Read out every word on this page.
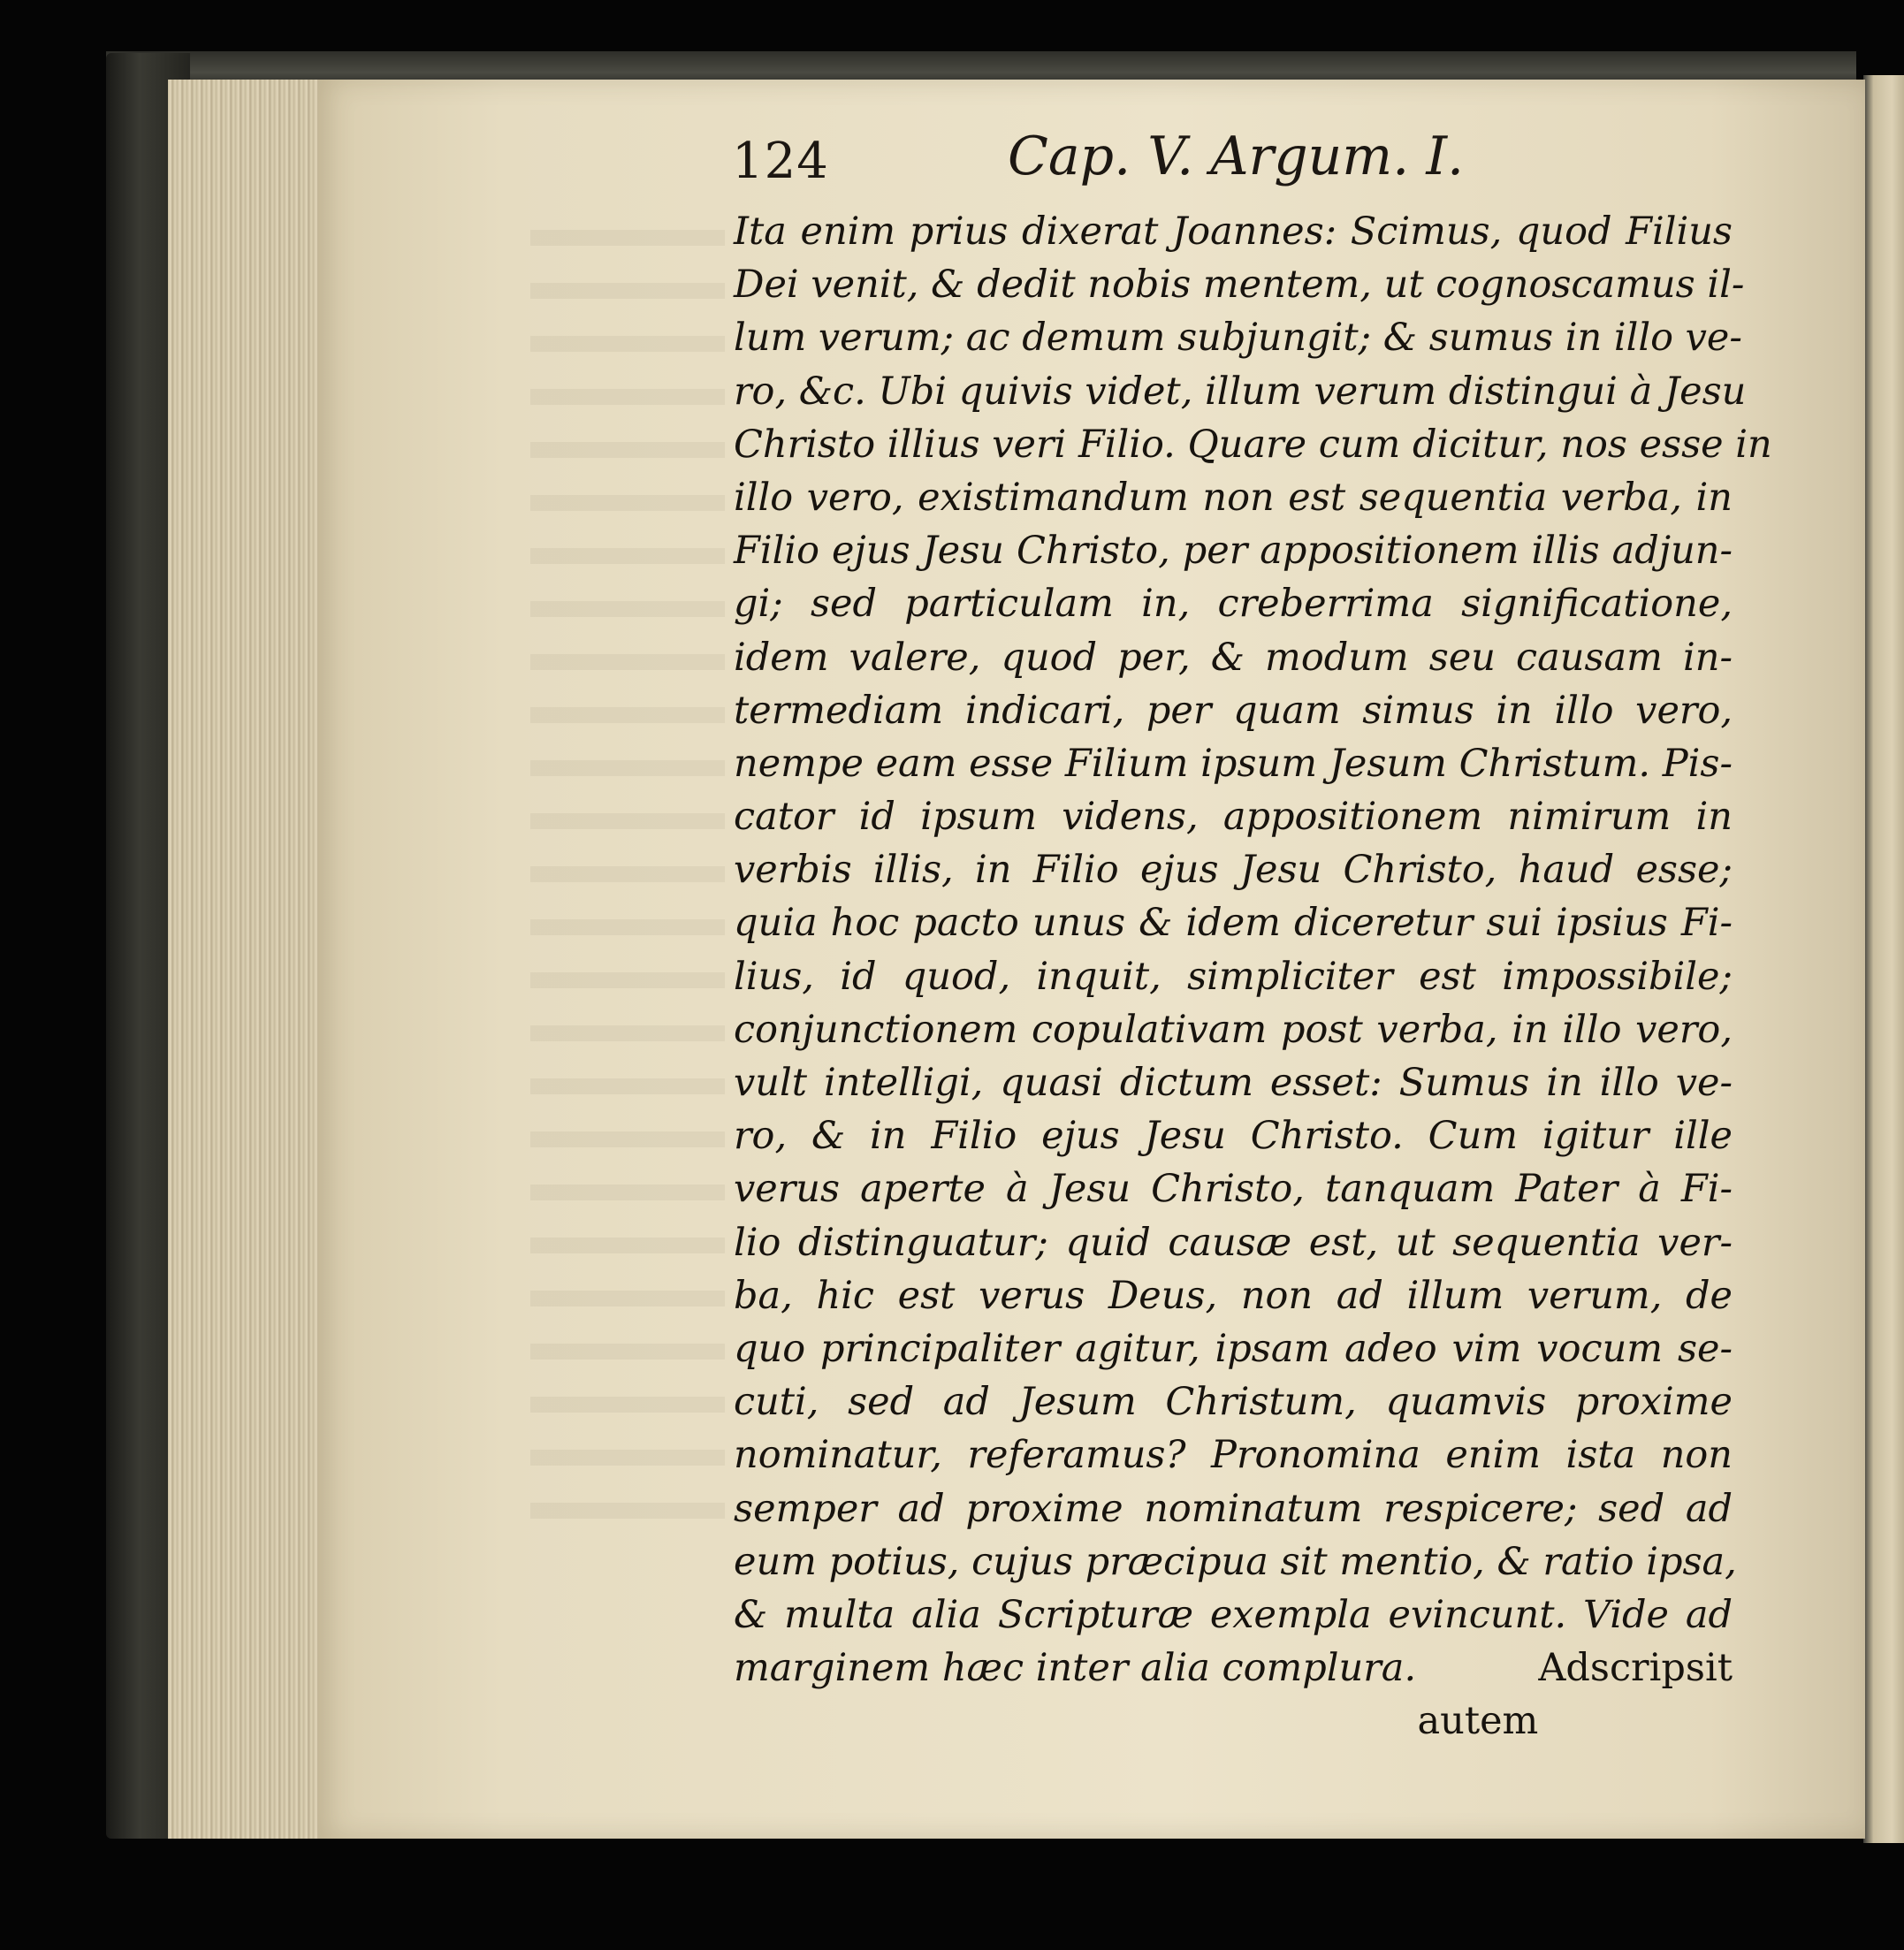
124	Cap. V. Argum. I.
Ita enim prius dixerat Joannes: Scimus, quod Filius
Dei venit, & dedit nobis mentem, ut cognoscamus il-
lum verum; ac demum subjungit; & sumus in illo ve-
ro, &c. Ubi quivis videt, illum verum distingui à Jesu
Christo illius veri Filio. Quare cum dicitur, nos esse in
illo vero, existimandum non est sequentia verba, in
Filio ejus Jesu Christo, per appositionem illis adjun-
gi; sed particulam in, creberrima significatione,
idem valere, quod per, & modum seu causam in-
termediam indicari, per quam simus in illo vero,
nempe eam esse Filium ipsum Jesum Christum. Pis-
cator id ipsum videns, appositionem nimirum in
verbis illis, in Filio ejus Jesu Christo, haud esse;
quia hoc pacto unus & idem diceretur sui ipsius Fi-
lius, id quod, inquit, simpliciter est impossibile;
conjunctionem copulativam post verba, in illo vero,
vult intelligi, quasi dictum esset: Sumus in illo ve-
ro, & in Filio ejus Jesu Christo. Cum igitur ille
verus aperte à Jesu Christo, tanquam Pater à Fi-
lio distinguatur; quid causæ est, ut sequentia ver-
ba, hic est verus Deus, non ad illum verum, de
quo principaliter agitur, ipsam adeo vim vocum se-
cuti, sed ad Jesum Christum, quamvis proxime
nominatur, referamus? Pronomina enim ista non
semper ad proxime nominatum respicere; sed ad
eum potius, cujus præcipua sit mentio, & ratio ipsa,
& multa alia Scripturæ exempla evincunt. Vide ad
marginem hæc inter alia complura.	Adscripsit
autem
